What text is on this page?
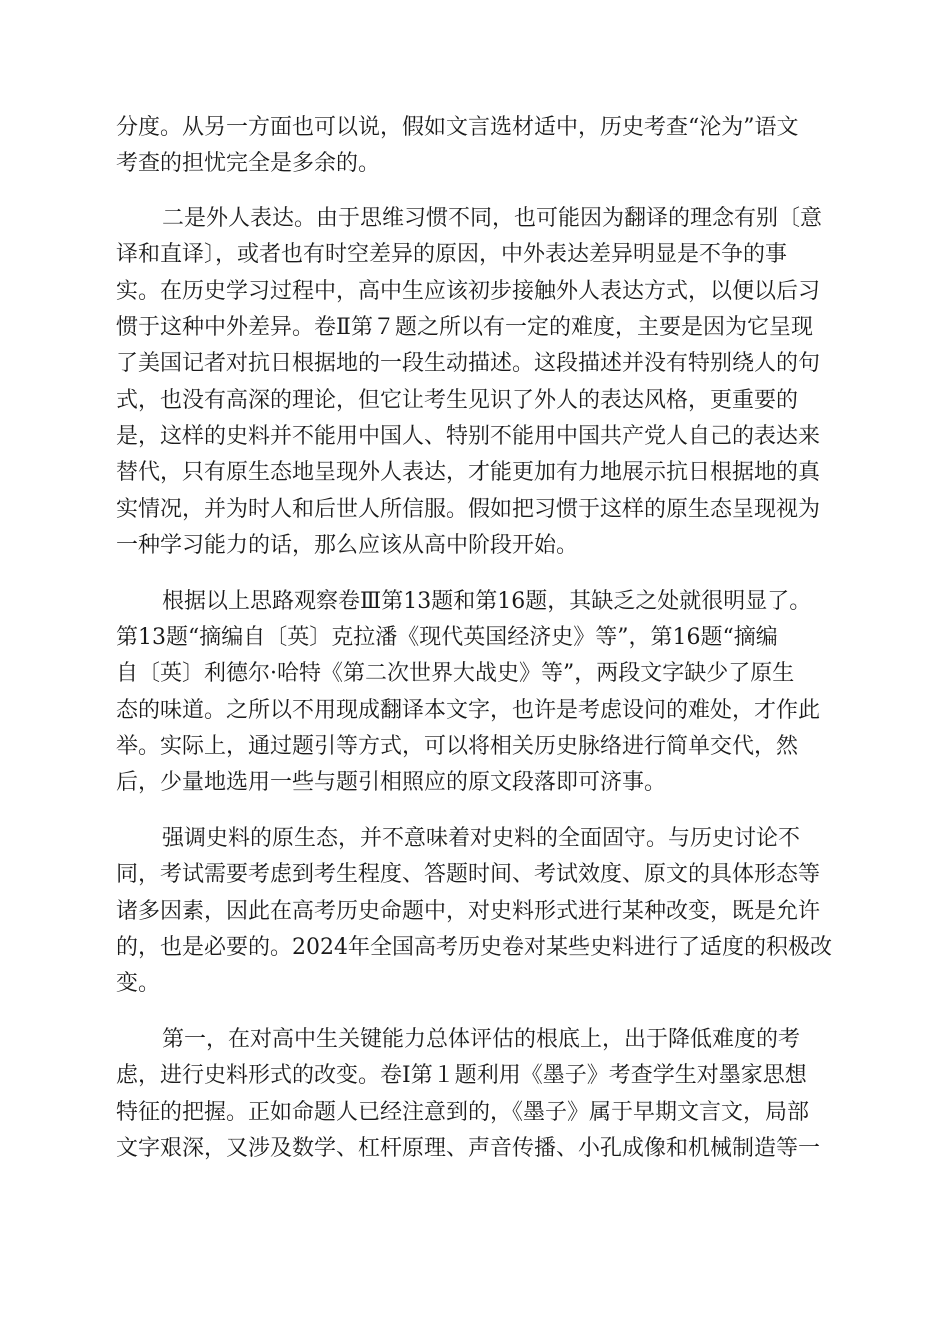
分度。从另一方面也可以说，假如文言选材适中，历史考查“沦为”语文
考查的担忧完全是多余的。
二是外人表达。由于思维习惯不同，也可能因为翻译的理念有别〔意
译和直译〕，或者也有时空差异的原因，中外表达差异明显是不争的事
实。在历史学习过程中，高中生应该初步接触外人表达方式，以便以后习
惯于这种中外差异。卷Ⅱ第７题之所以有一定的难度，主要是因为它呈现
了美国记者对抗日根据地的一段生动描述。这段描述并没有特别绕人的句
式，也没有高深的理论，但它让考生见识了外人的表达风格，更重要的
是，这样的史料并不能用中国人、特别不能用中国共产党人自己的表达来
替代，只有原生态地呈现外人表达，才能更加有力地展示抗日根据地的真
实情况，并为时人和后世人所信服。假如把习惯于这样的原生态呈现视为
一种学习能力的话，那么应该从高中阶段开始。
根据以上思路观察卷Ⅲ第13题和第16题，其缺乏之处就很明显了。
第13题“摘编自〔英〕克拉潘《现代英国经济史》等”，第16题“摘编
自〔英〕利德尔·哈特《第二次世界大战史》等”，两段文字缺少了原生
态的味道。之所以不用现成翻译本文字，也许是考虑设问的难处，才作此
举。实际上，通过题引等方式，可以将相关历史脉络进行简单交代，然
后，少量地选用一些与题引相照应的原文段落即可济事。
强调史料的原生态，并不意味着对史料的全面固守。与历史讨论不
同，考试需要考虑到考生程度、答题时间、考试效度、原文的具体形态等
诸多因素，因此在高考历史命题中，对史料形式进行某种改变，既是允许
的，也是必要的。2024年全国高考历史卷对某些史料进行了适度的积极改
变。
第一，在对高中生关键能力总体评估的根底上，出于降低难度的考
虑，进行史料形式的改变。卷Ⅰ第１题利用《墨子》考查学生对墨家思想
特征的把握。正如命题人已经注意到的，《墨子》属于早期文言文，局部
文字艰深，又涉及数学、杠杆原理、声音传播、小孔成像和机械制造等一
